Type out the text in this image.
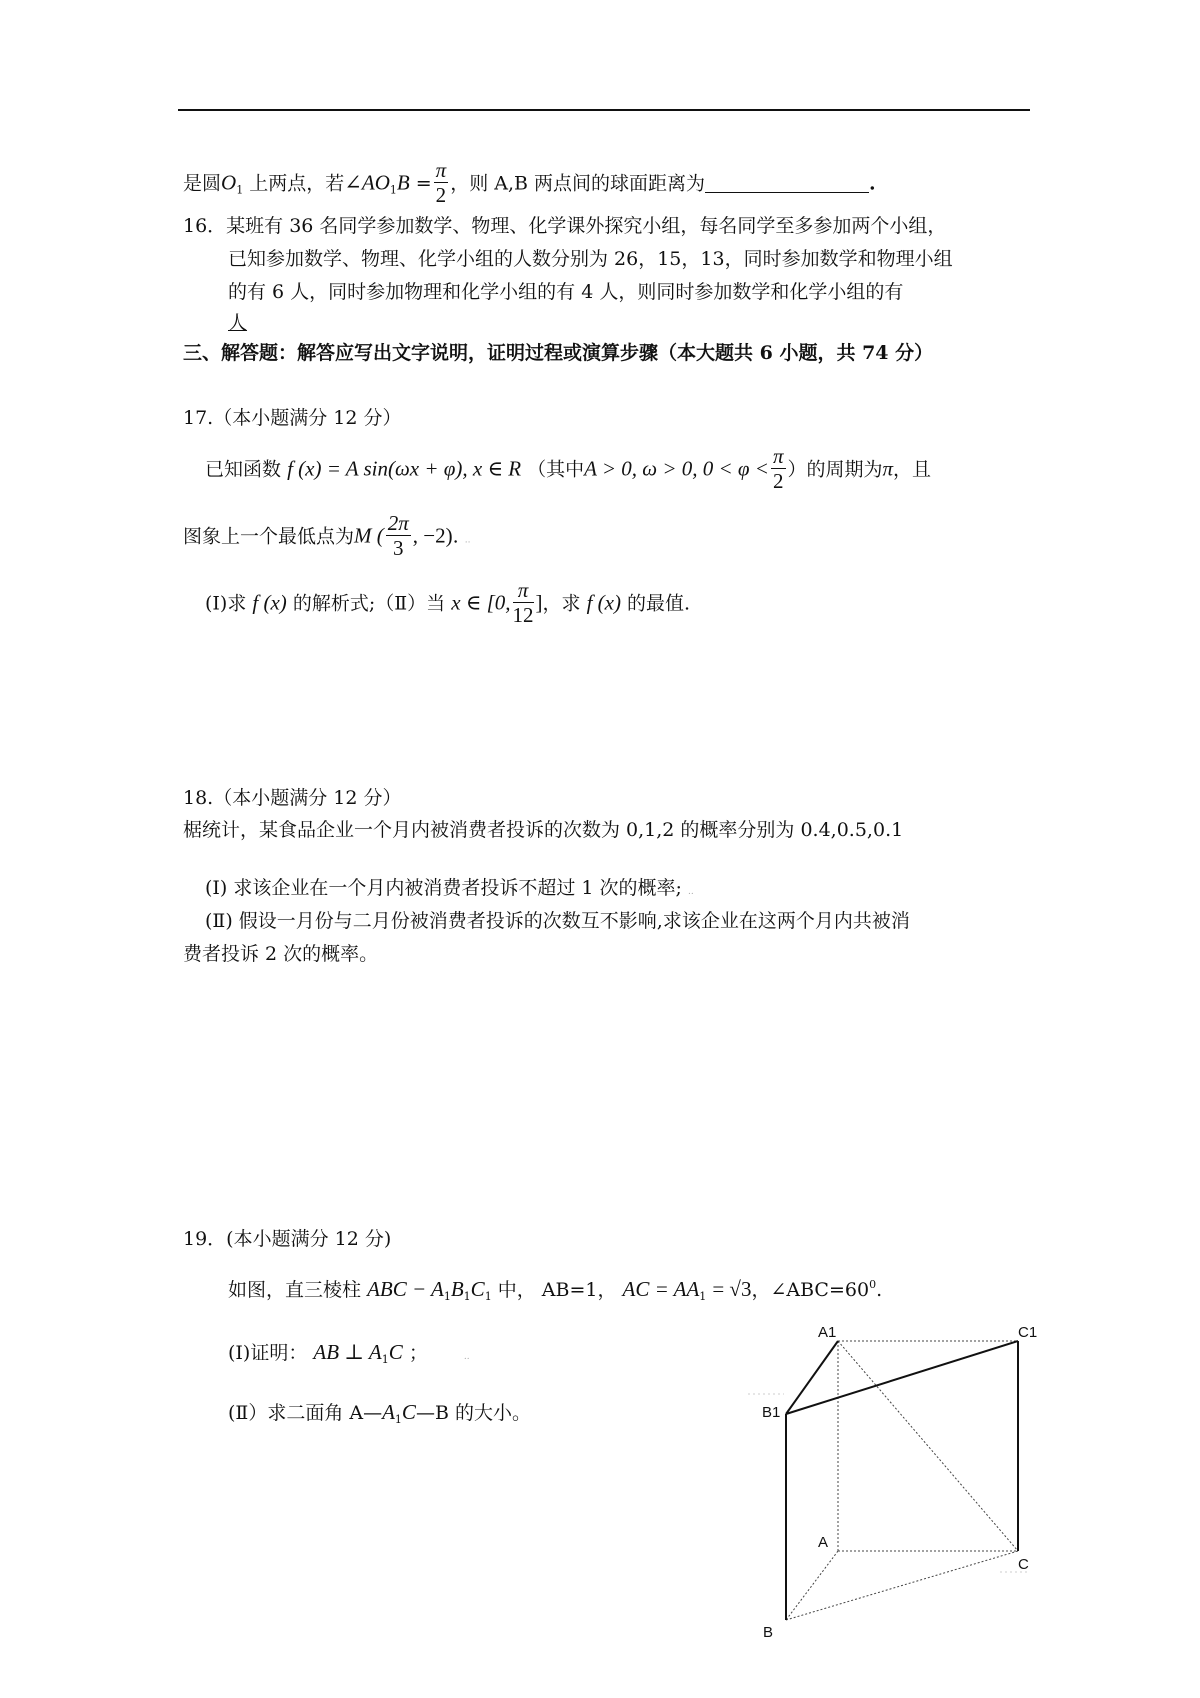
是圆$O_1$ 上两点，若$\angle AO_1B = \frac{\pi}{2}$ ，则 A,B 两点间的球面距离为	.
16．某班有 36 名同学参加数学、物理、化学课外探究小组，每名同学至多参加两个小组，
已知参加数学、物理、化学小组的人数分别为 26，15，13，同时参加数学和物理小组
的有 6 人，同时参加物理和化学小组的有 4 人，则同时参加数学和化学小组的有
人
三、解答题：解答应写出文字说明，证明过程或演算步骤（本大题共 6 小题，共 74 分）
17.（本小题满分 12 分）
已知函数 f (x) = A sin(ωx + φ), x ∈ R （其中A > 0, ω > 0, $0 < \varphi < \frac{\pi}{2}$ ）的周期为π，且
图象上一个最低点为M ( $\frac{2\pi}{3}$ , −2). ..
(Ⅰ)求 f (x) 的解析式;（Ⅱ）当 x ∈ [0, $\frac{\pi}{12}$ ]，求 f (x) 的最值.
18.（本小题满分 12 分）
椐统计，某食品企业一个月内被消费者投诉的次数为 0,1,2 的概率分别为 0.4,0.5,0.1
(Ⅰ) 求该企业在一个月内被消费者投诉不超过 1 次的概率; ..
(Ⅱ) 假设一月份与二月份被消费者投诉的次数互不影响,求该企业在这两个月内共被消
费者投诉 2 次的概率。
19．(本小题满分 12 分)
如图，直三棱柱 ABC − $A_1B_1C_1$ 中， AB=1， AC = $AA_1 = √3$，$\angle ABC=60^0$.
(Ⅰ)证明： AB ⊥ $A_1C$ ；	..
(Ⅱ）求二面角 $A—A_1C—B$ 的大小。
A1	C1
B1
A
C
B
